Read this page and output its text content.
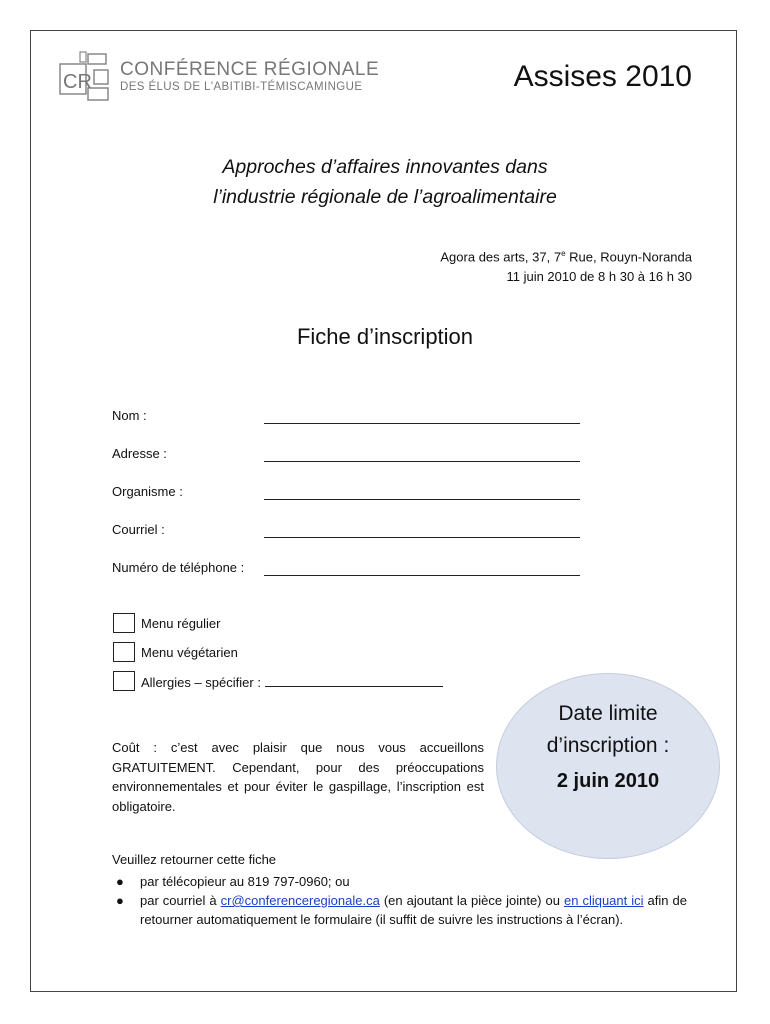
CR
CONFÉRENCE RÉGIONALE
DES ÉLUS DE L'ABITIBI-TÉMISCAMINGUE	Assises 2010
Approches d’affaires innovantes dans
l’industrie régionale de l’agroalimentaire
Agora des arts, 37, 7e Rue, Rouyn-Noranda
11 juin 2010 de 8 h 30 à 16 h 30
Fiche d’inscription
Nom :
Adresse :
Organisme :
Courriel :
Numéro de téléphone :
Menu régulier
Menu végétarien
Allergies – spécifier :
Date limite
d’inscription :
2 juin 2010
Coût : c’est avec plaisir que nous vous accueillons GRATUITEMENT. Cependant, pour des préoccupations environnementales et pour éviter le gaspillage, l’inscription est obligatoire.
Veuillez retourner cette fiche
● par télécopieur au 819 797-0960; ou
● par courriel à cr@conferenceregionale.ca (en ajoutant la pièce jointe) ou en cliquant ici afin de retourner automatiquement le formulaire (il suffit de suivre les instructions à l’écran).
